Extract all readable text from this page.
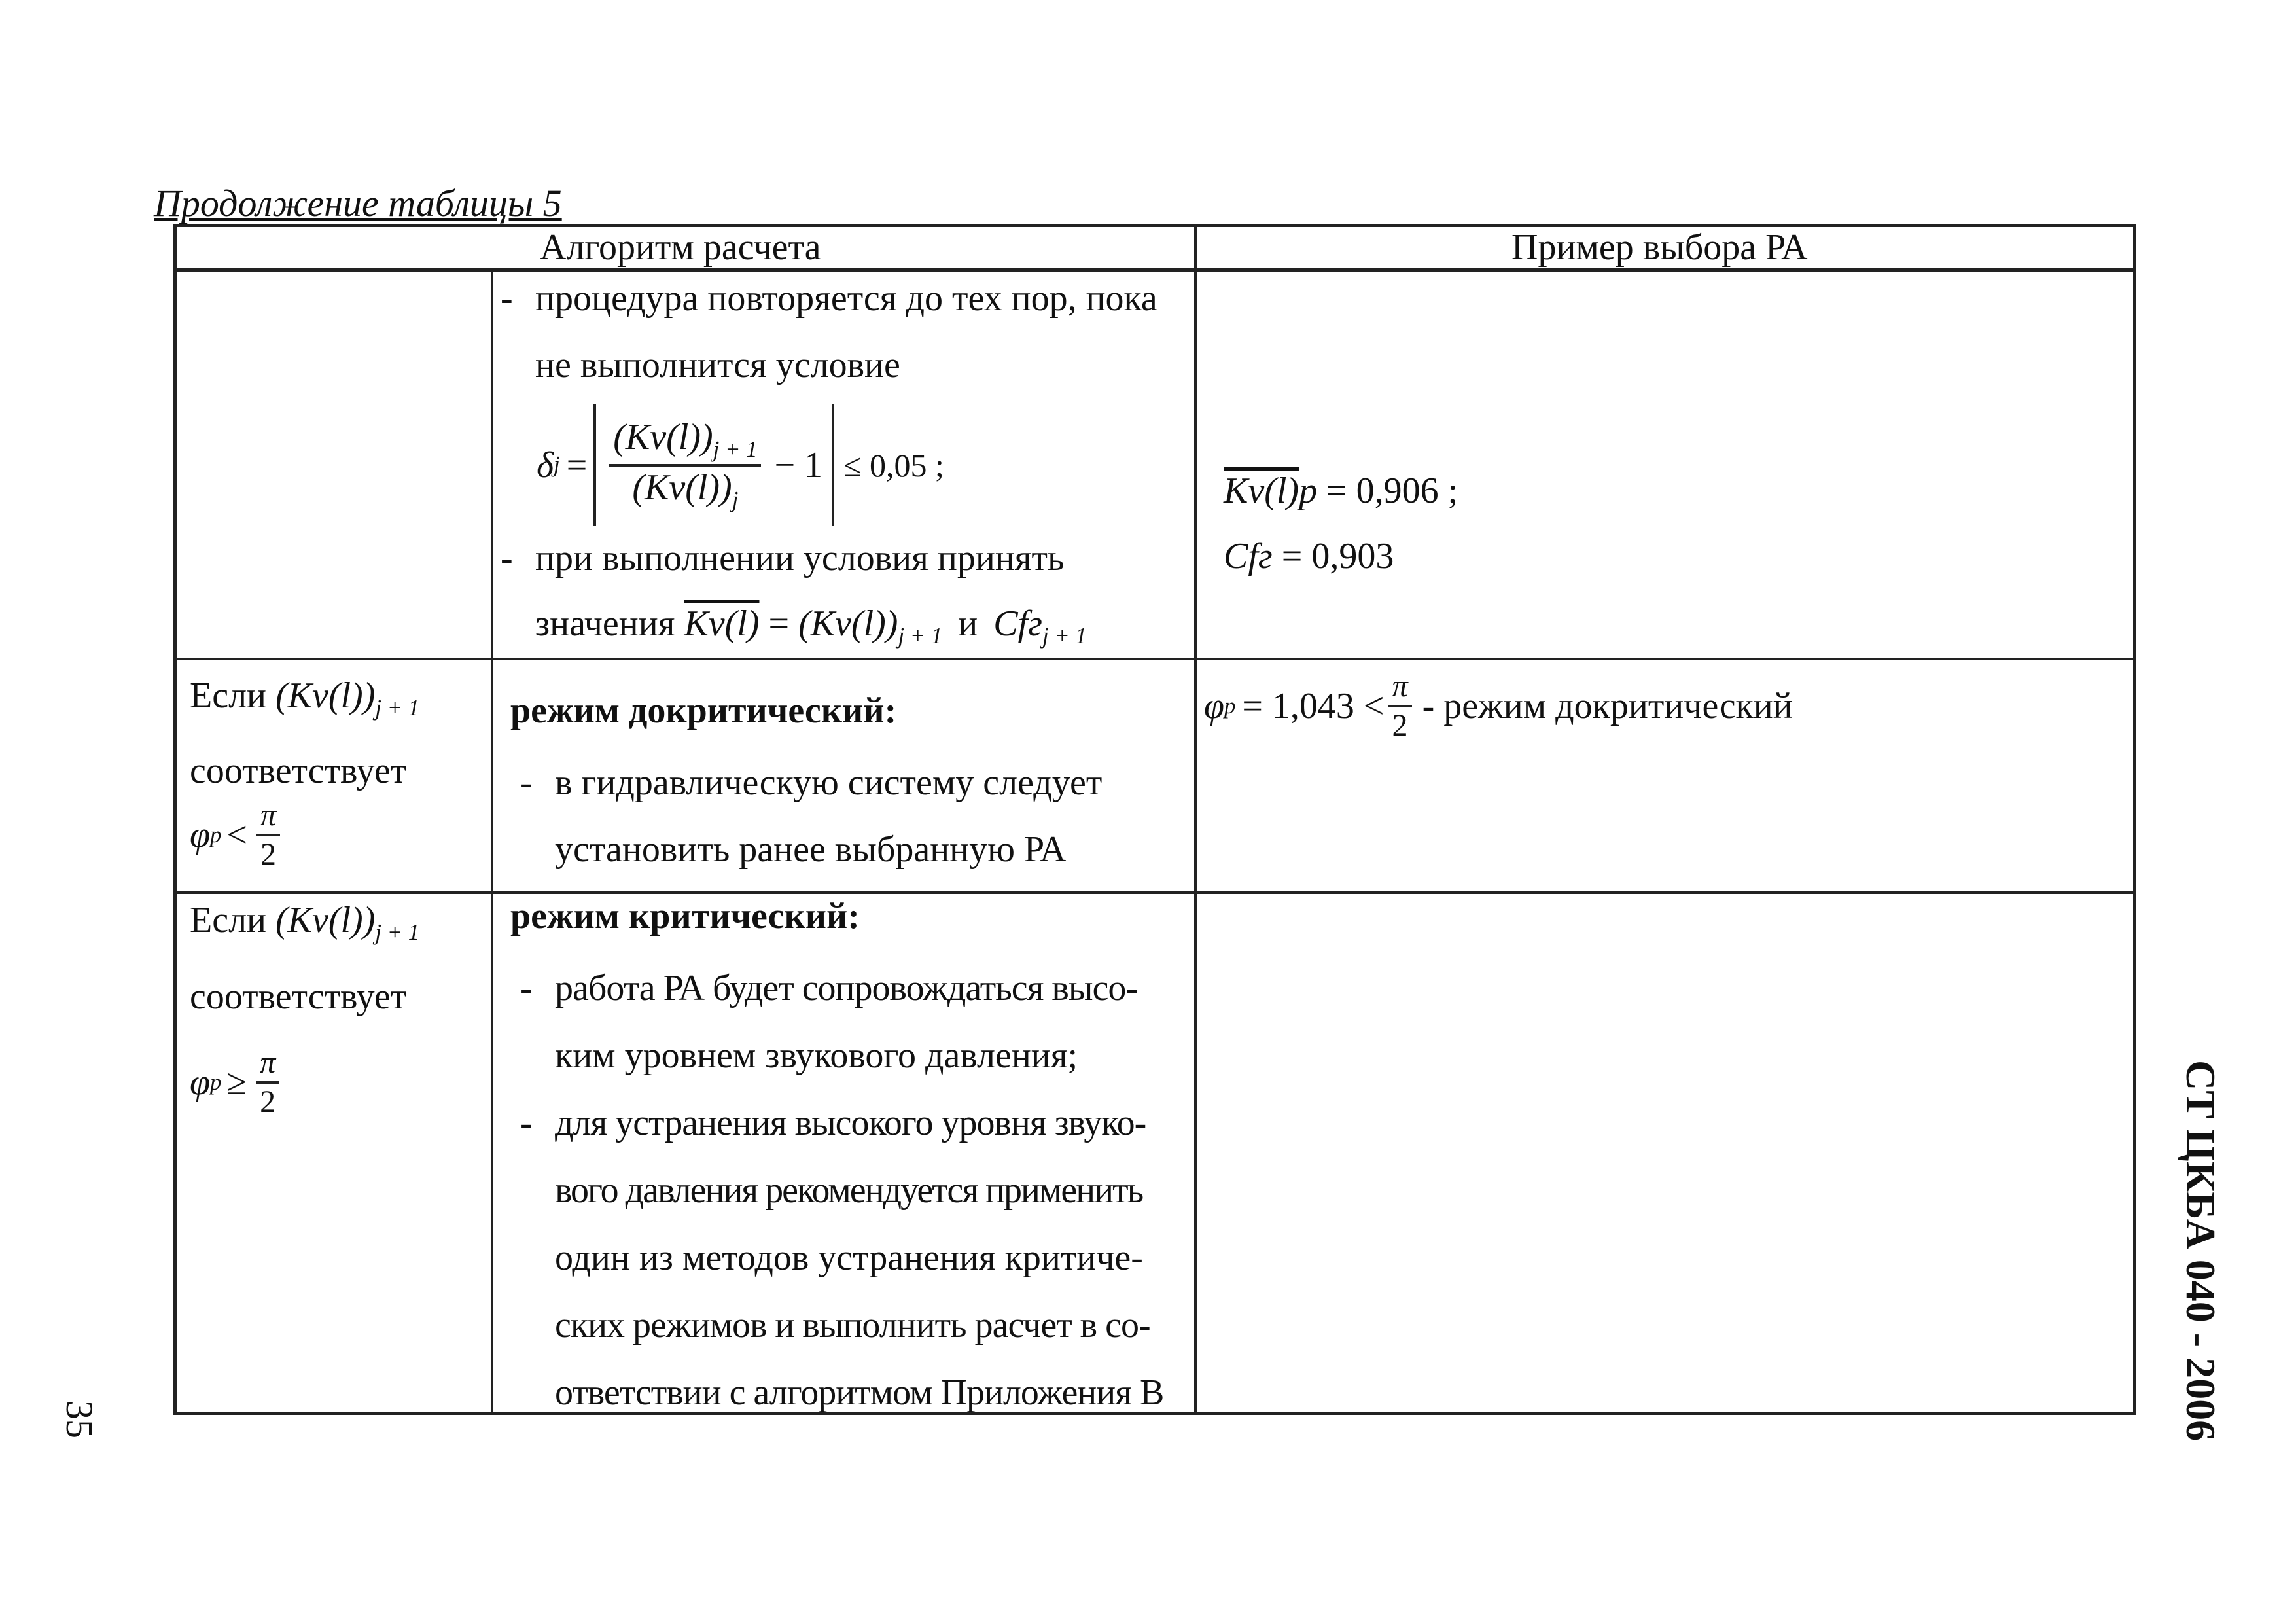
Продолжение таблицы 5
Алгоритм расчета	Пример выбора РА
- процедура повторяется до тех пор, пока
не выполнится условие
δ $j = \frac{(Kv(l))_{j + 1}}{(Kv(l))_j} - 1 \le 0,05$ ;
- при выполнении условия принять
значения $Kv(l) = (Kv(l))_{j + 1}$ и Cfг$_{j + 1}$
Kv(l)p = 0,906 ;
Cfг = 0,903
Если $(Kv(l))_{j + 1}$
соответствует
φ $p < \frac{\pi}{2}$
режим докритический:
- в гидравлическую систему следует
установить ранее выбранную РА
φ $p = 1,043 < \frac{\pi}{2}$ - режим докритический
Если $(Kv(l))_{j + 1}$
соответствует
φ $p \ge \frac{\pi}{2}$
режим критический:
- работа РА будет сопровождаться высо-
ким уровнем звукового давления;
- для устранения высокого уровня звуко-
вого давления рекомендуется применить
один из методов устранения критиче-
ских режимов и выполнить расчет в со-
ответствии с алгоритмом Приложения В
35	СТ ЦКБА 040 - 2006
